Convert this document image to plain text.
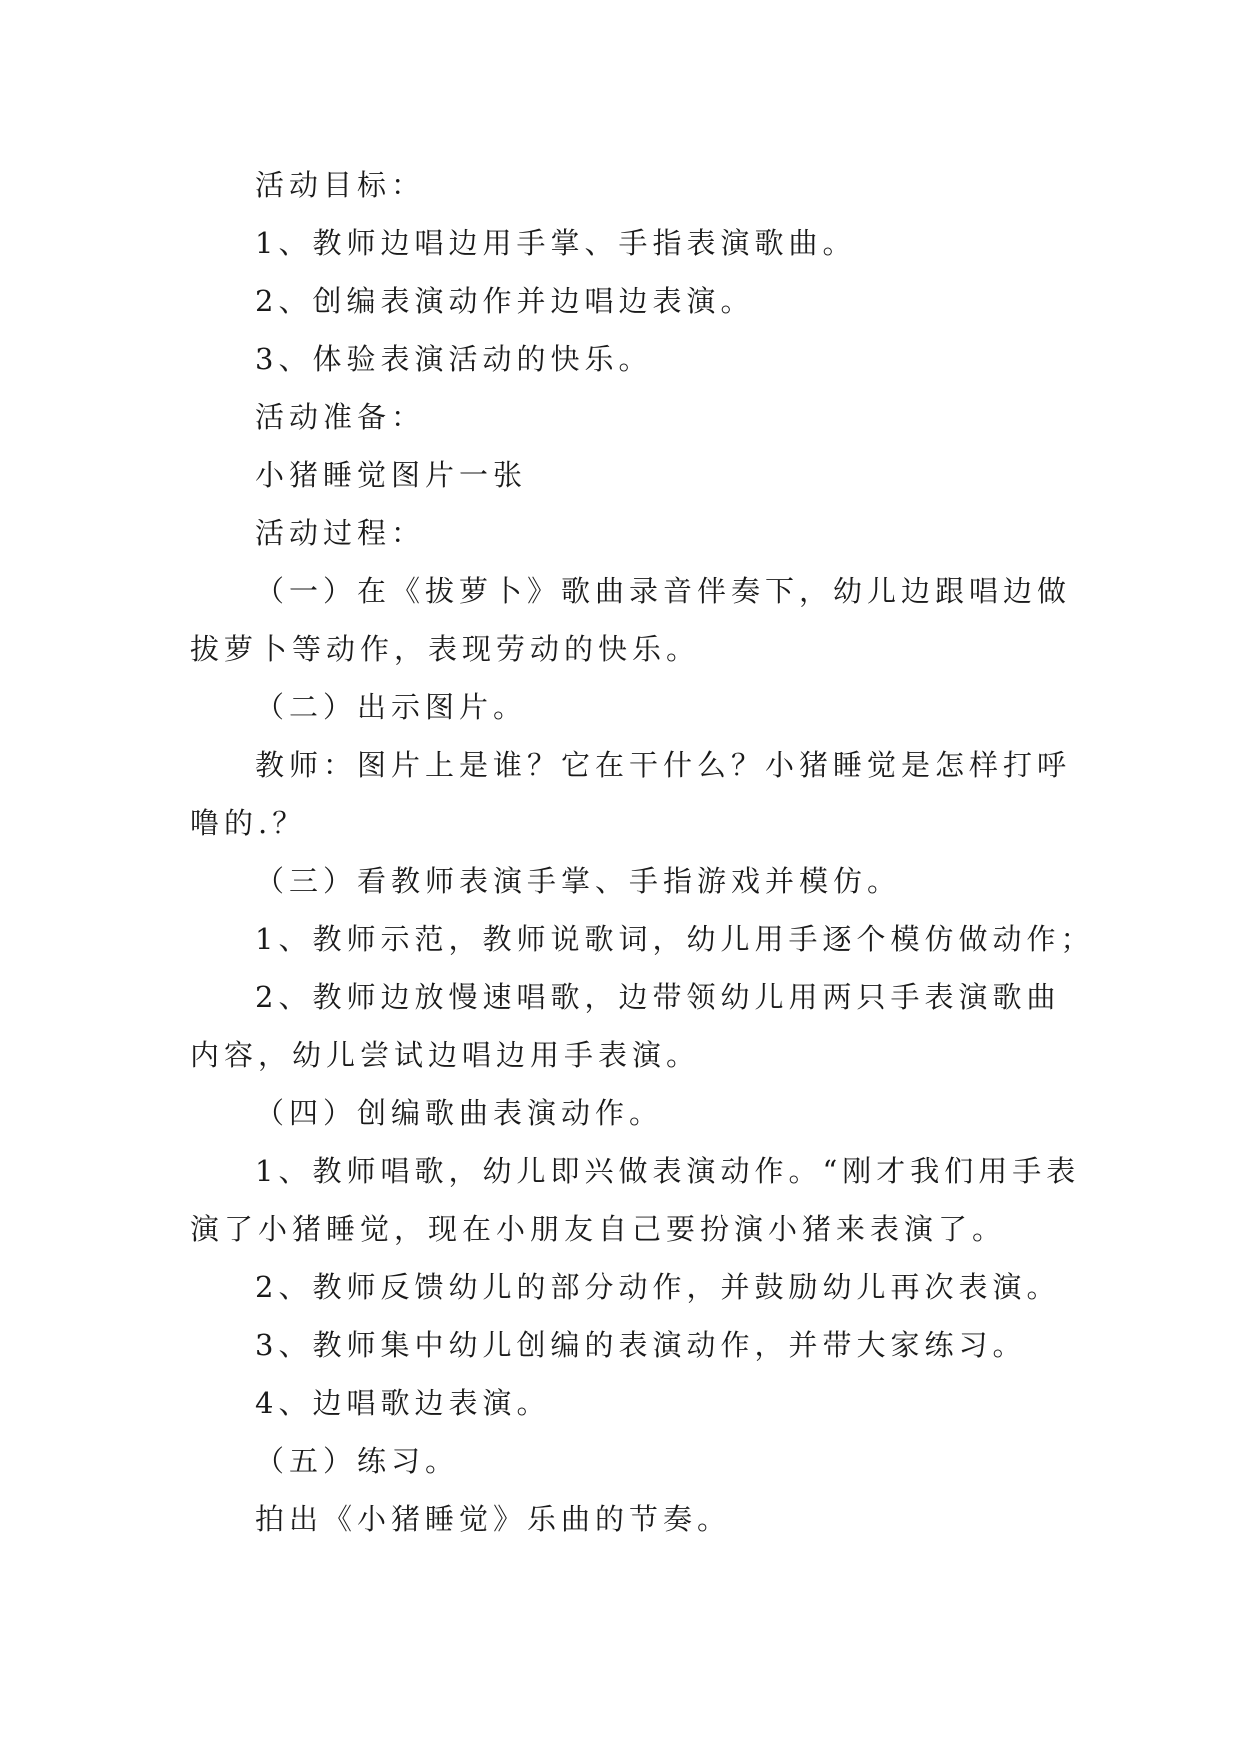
活动目标：
1、教师边唱边用手掌、手指表演歌曲。
2、创编表演动作并边唱边表演。
3、体验表演活动的快乐。
活动准备：
小猪睡觉图片一张
活动过程：
（一）在《拔萝卜》歌曲录音伴奏下，幼儿边跟唱边做
拔萝卜等动作，表现劳动的快乐。
（二）出示图片。
教师：图片上是谁？它在干什么？小猪睡觉是怎样打呼
噜的.？
（三）看教师表演手掌、手指游戏并模仿。
1、教师示范，教师说歌词，幼儿用手逐个模仿做动作；
2、教师边放慢速唱歌，边带领幼儿用两只手表演歌曲
内容，幼儿尝试边唱边用手表演。
（四）创编歌曲表演动作。
1、教师唱歌，幼儿即兴做表演动作。“刚才我们用手表
演了小猪睡觉，现在小朋友自己要扮演小猪来表演了。
2、教师反馈幼儿的部分动作，并鼓励幼儿再次表演。
3、教师集中幼儿创编的表演动作，并带大家练习。
4、边唱歌边表演。
（五）练习。
拍出《小猪睡觉》乐曲的节奏。
